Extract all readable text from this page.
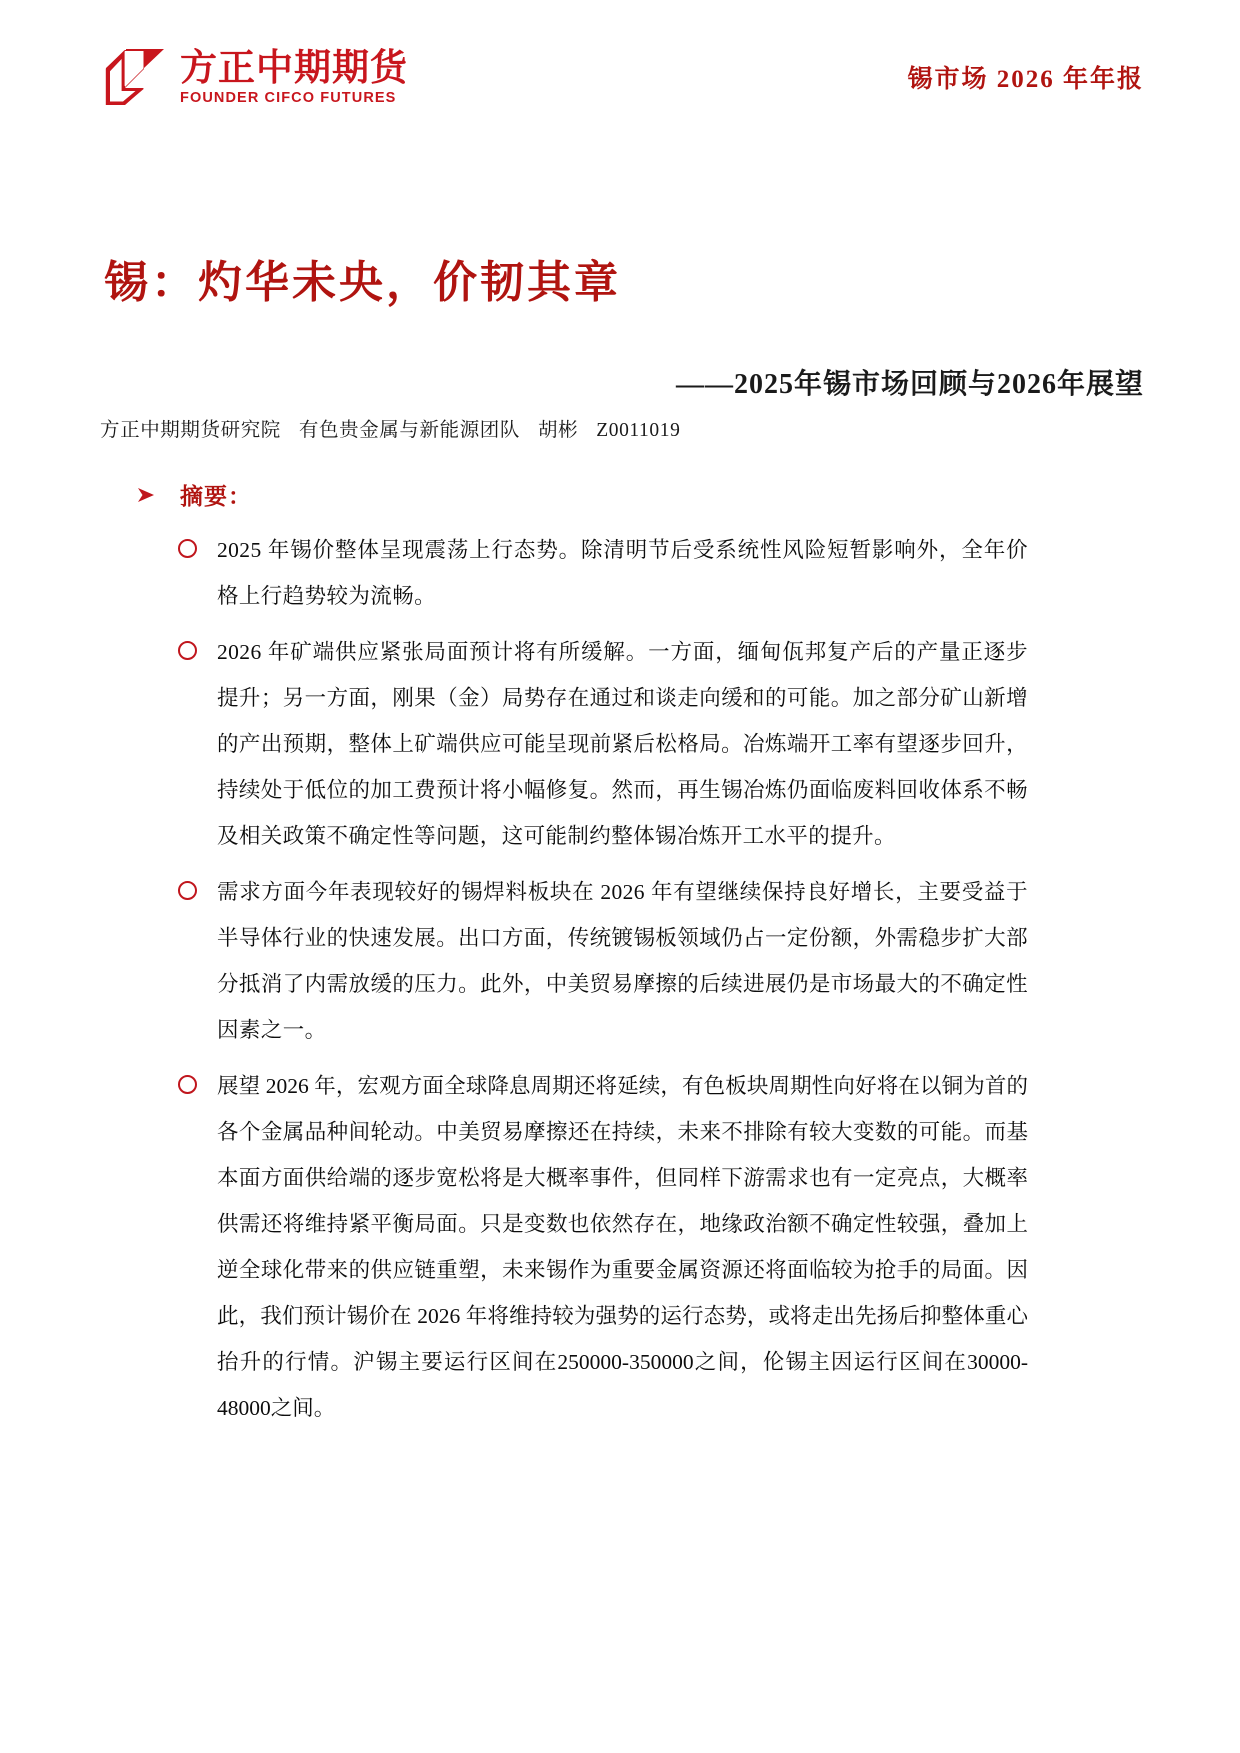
方正中期期货
FOUNDER CIFCO FUTURES
锡市场 2026 年年报
锡：灼华未央，价韧其章
——2025年锡市场回顾与2026年展望
方正中期期货研究院 有色贵金属与新能源团队 胡彬 Z0011019
摘要：
2025 年锡价整体呈现震荡上行态势。除清明节后受系统性风险短暂影响外，全年价格上行趋势较为流畅。
2026 年矿端供应紧张局面预计将有所缓解。一方面，缅甸佤邦复产后的产量正逐步提升；另一方面，刚果（金）局势存在通过和谈走向缓和的可能。加之部分矿山新增的产出预期，整体上矿端供应可能呈现前紧后松格局。冶炼端开工率有望逐步回升，持续处于低位的加工费预计将小幅修复。然而，再生锡冶炼仍面临废料回收体系不畅及相关政策不确定性等问题，这可能制约整体锡冶炼开工水平的提升。
需求方面今年表现较好的锡焊料板块在 2026 年有望继续保持良好增长，主要受益于半导体行业的快速发展。出口方面，传统镀锡板领域仍占一定份额，外需稳步扩大部分抵消了内需放缓的压力。此外，中美贸易摩擦的后续进展仍是市场最大的不确定性因素之一。
展望 2026 年，宏观方面全球降息周期还将延续，有色板块周期性向好将在以铜为首的各个金属品种间轮动。中美贸易摩擦还在持续，未来不排除有较大变数的可能。而基本面方面供给端的逐步宽松将是大概率事件，但同样下游需求也有一定亮点，大概率供需还将维持紧平衡局面。只是变数也依然存在，地缘政治额不确定性较强，叠加上逆全球化带来的供应链重塑，未来锡作为重要金属资源还将面临较为抢手的局面。因此，我们预计锡价在 2026 年将维持较为强势的运行态势，或将走出先扬后抑整体重心抬升的行情。沪锡主要运行区间在250000-350000之间，伦锡主因运行区间在30000-48000之间。
